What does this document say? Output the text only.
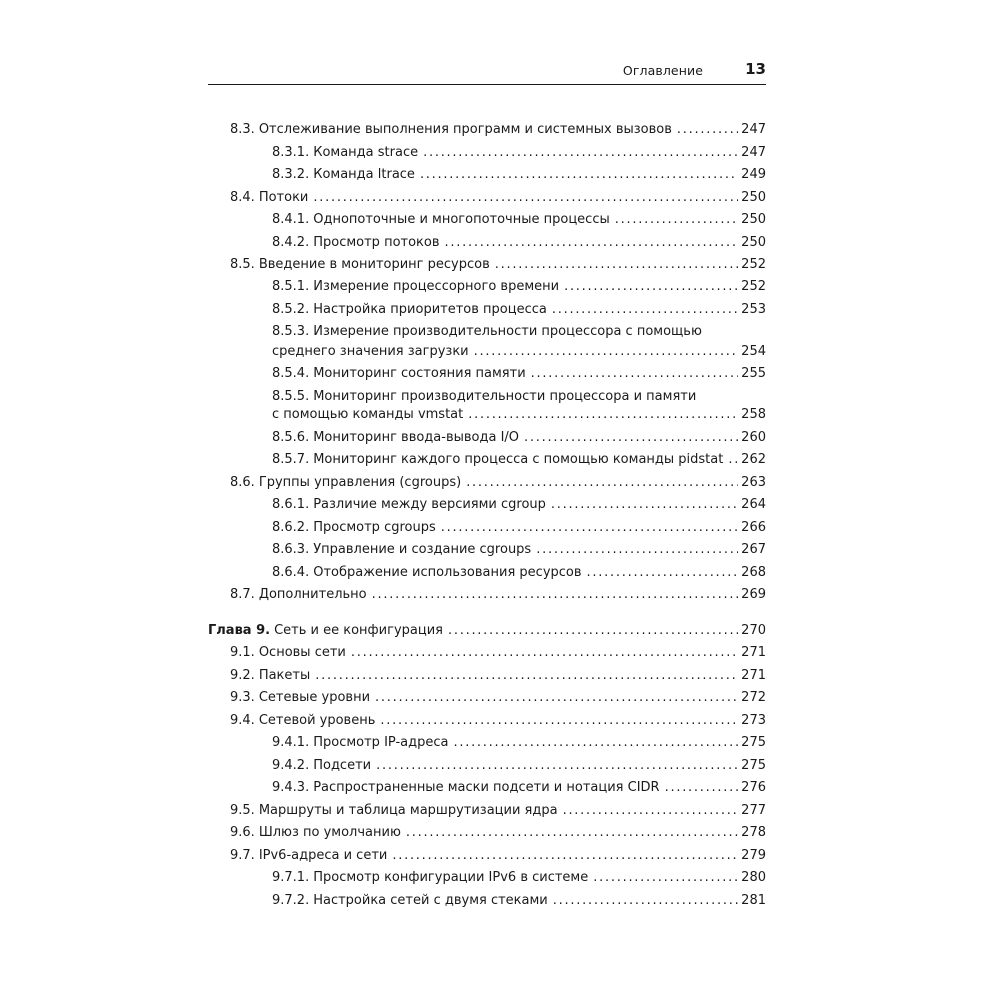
Оглавление	13
8.3. Отслеживание выполнения программ и системных вызовов . . .	247
8.3.1. Команда strace . . .	247
8.3.2. Команда ltrace . . .	249
8.4. Потоки . . .	250
8.4.1. Однопоточные и многопоточные процессы . . .	250
8.4.2. Просмотр потоков . . .	250
8.5. Введение в мониторинг ресурсов . . .	252
8.5.1. Измерение процессорного времени . . .	252
8.5.2. Настройка приоритетов процесса . . .	253
8.5.3. Измерение производительности процессора с помощью
среднего значения загрузки . . .	254
8.5.4. Мониторинг состояния памяти . . .	255
8.5.5. Мониторинг производительности процессора и памяти
с помощью команды vmstat . . .	258
8.5.6. Мониторинг ввода-вывода I/O . . .	260
8.5.7. Мониторинг каждого процесса с помощью команды pidstat . . . 262
8.6. Группы управления (cgroups) . . .	263
8.6.1. Различие между версиями cgroup . . .	264
8.6.2. Просмотр cgroups . . .	266
8.6.3. Управление и создание cgroups . . .	267
8.6.4. Отображение использования ресурсов . . .	268
8.7. Дополнительно . . .	269
Глава 9. Сеть и ее конфигурация . . .	270
9.1. Основы сети . . .	271
9.2. Пакеты . . .	271
9.3. Сетевые уровни . . .	272
9.4. Сетевой уровень . . .	273
9.4.1. Просмотр IP-адреса . . .	275
9.4.2. Подсети . . .	275
9.4.3. Распространенные маски подсети и нотация CIDR . . .	276
9.5. Маршруты и таблица маршрутизации ядра . . .	277
9.6. Шлюз по умолчанию . . .	278
9.7. IPv6-адреса и сети . . .	279
9.7.1. Просмотр конфигурации IPv6 в системе . . .	280
9.7.2. Настройка сетей с двумя стеками . . .	281
